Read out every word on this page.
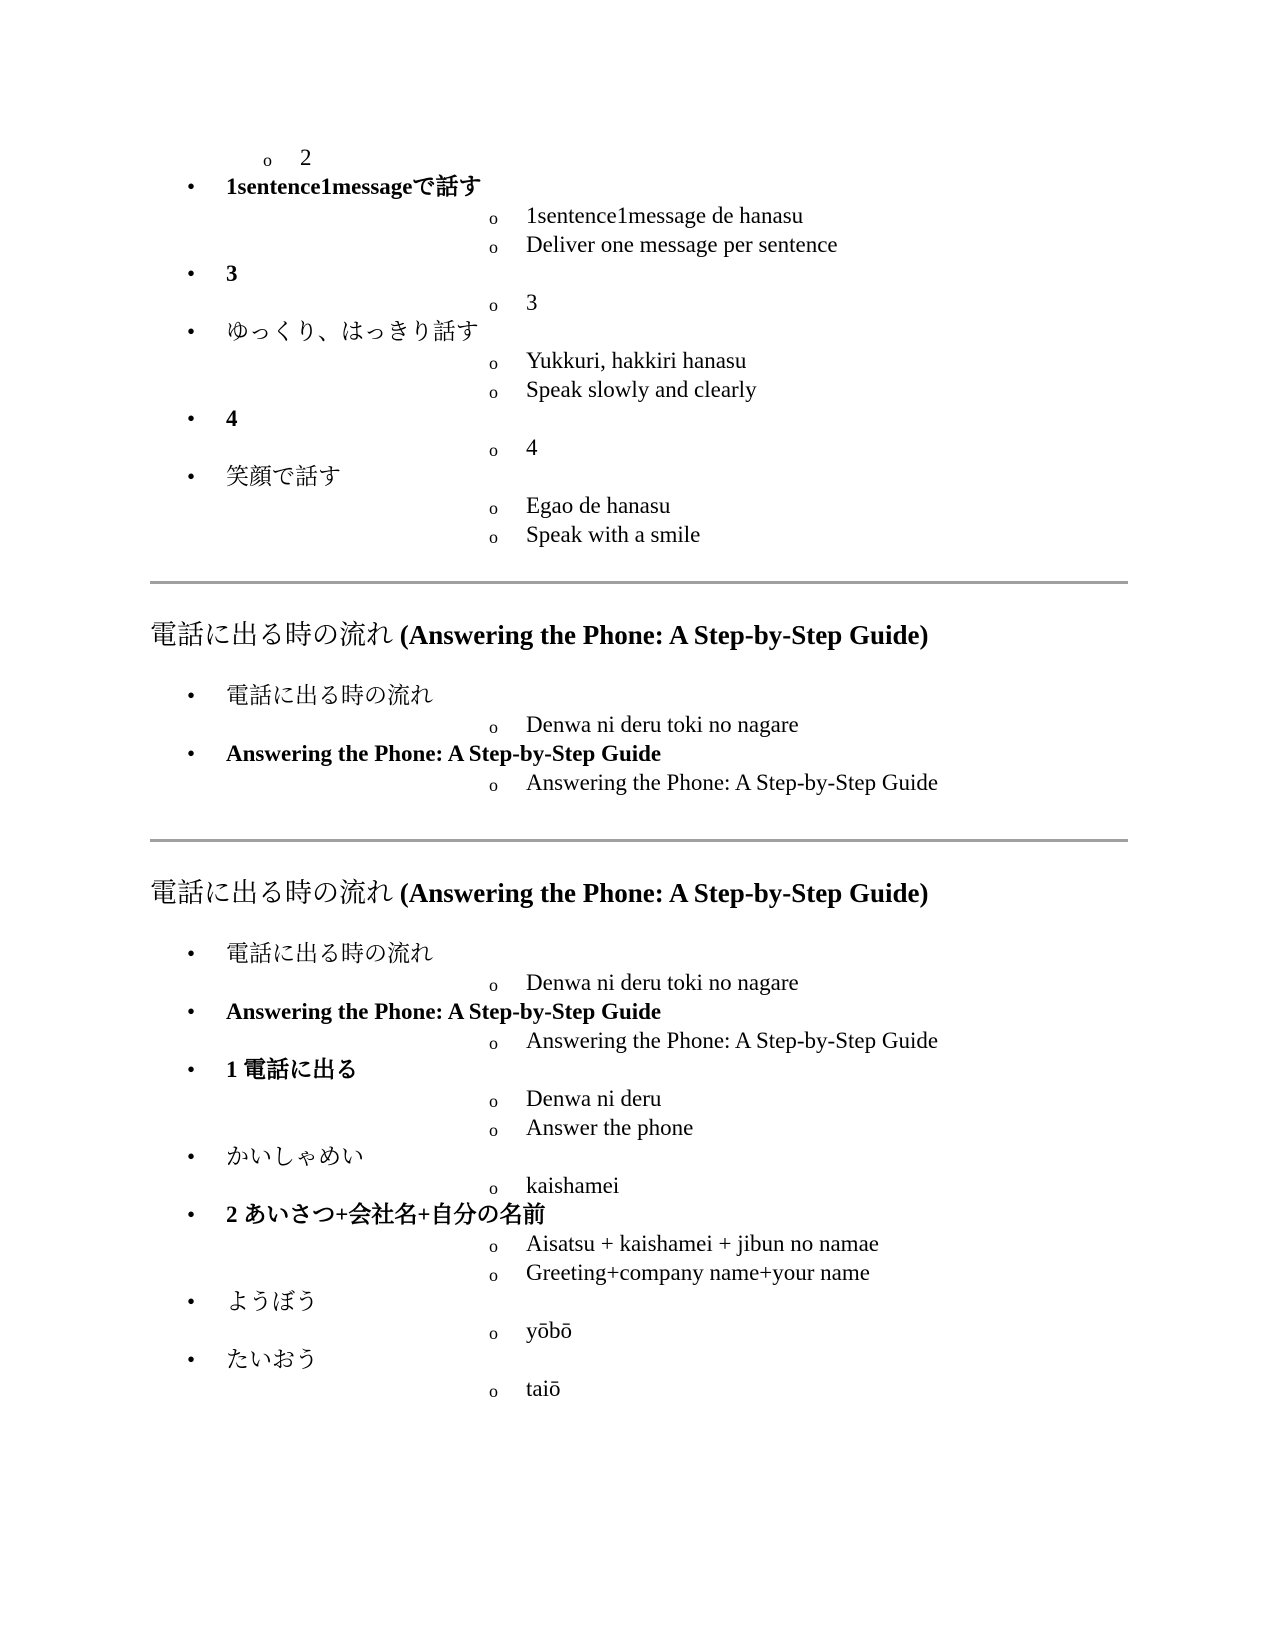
o 2
• 1sentence1messageで話す
o 1sentence1message de hanasu
o Deliver one message per sentence
• 3
o 3
• ゆっくり、はっきり話す
o Yukkuri, hakkiri hanasu
o Speak slowly and clearly
• 4
o 4
• 笑顔で話す
o Egao de hanasu
o Speak with a smile
電話に出る時の流れ (Answering the Phone: A Step-by-Step Guide)
• 電話に出る時の流れ
o Denwa ni deru toki no nagare
• Answering the Phone: A Step-by-Step Guide
o Answering the Phone: A Step-by-Step Guide
電話に出る時の流れ (Answering the Phone: A Step-by-Step Guide)
• 電話に出る時の流れ
o Denwa ni deru toki no nagare
• Answering the Phone: A Step-by-Step Guide
o Answering the Phone: A Step-by-Step Guide
• 1 電話に出る
o Denwa ni deru
o Answer the phone
• かいしゃめい
o kaishamei
• 2 あいさつ+会社名+自分の名前
o Aisatsu + kaishamei + jibun no namae
o Greeting+company name+your name
• ようぼう
o yōbō
• たいおう
o taiō
